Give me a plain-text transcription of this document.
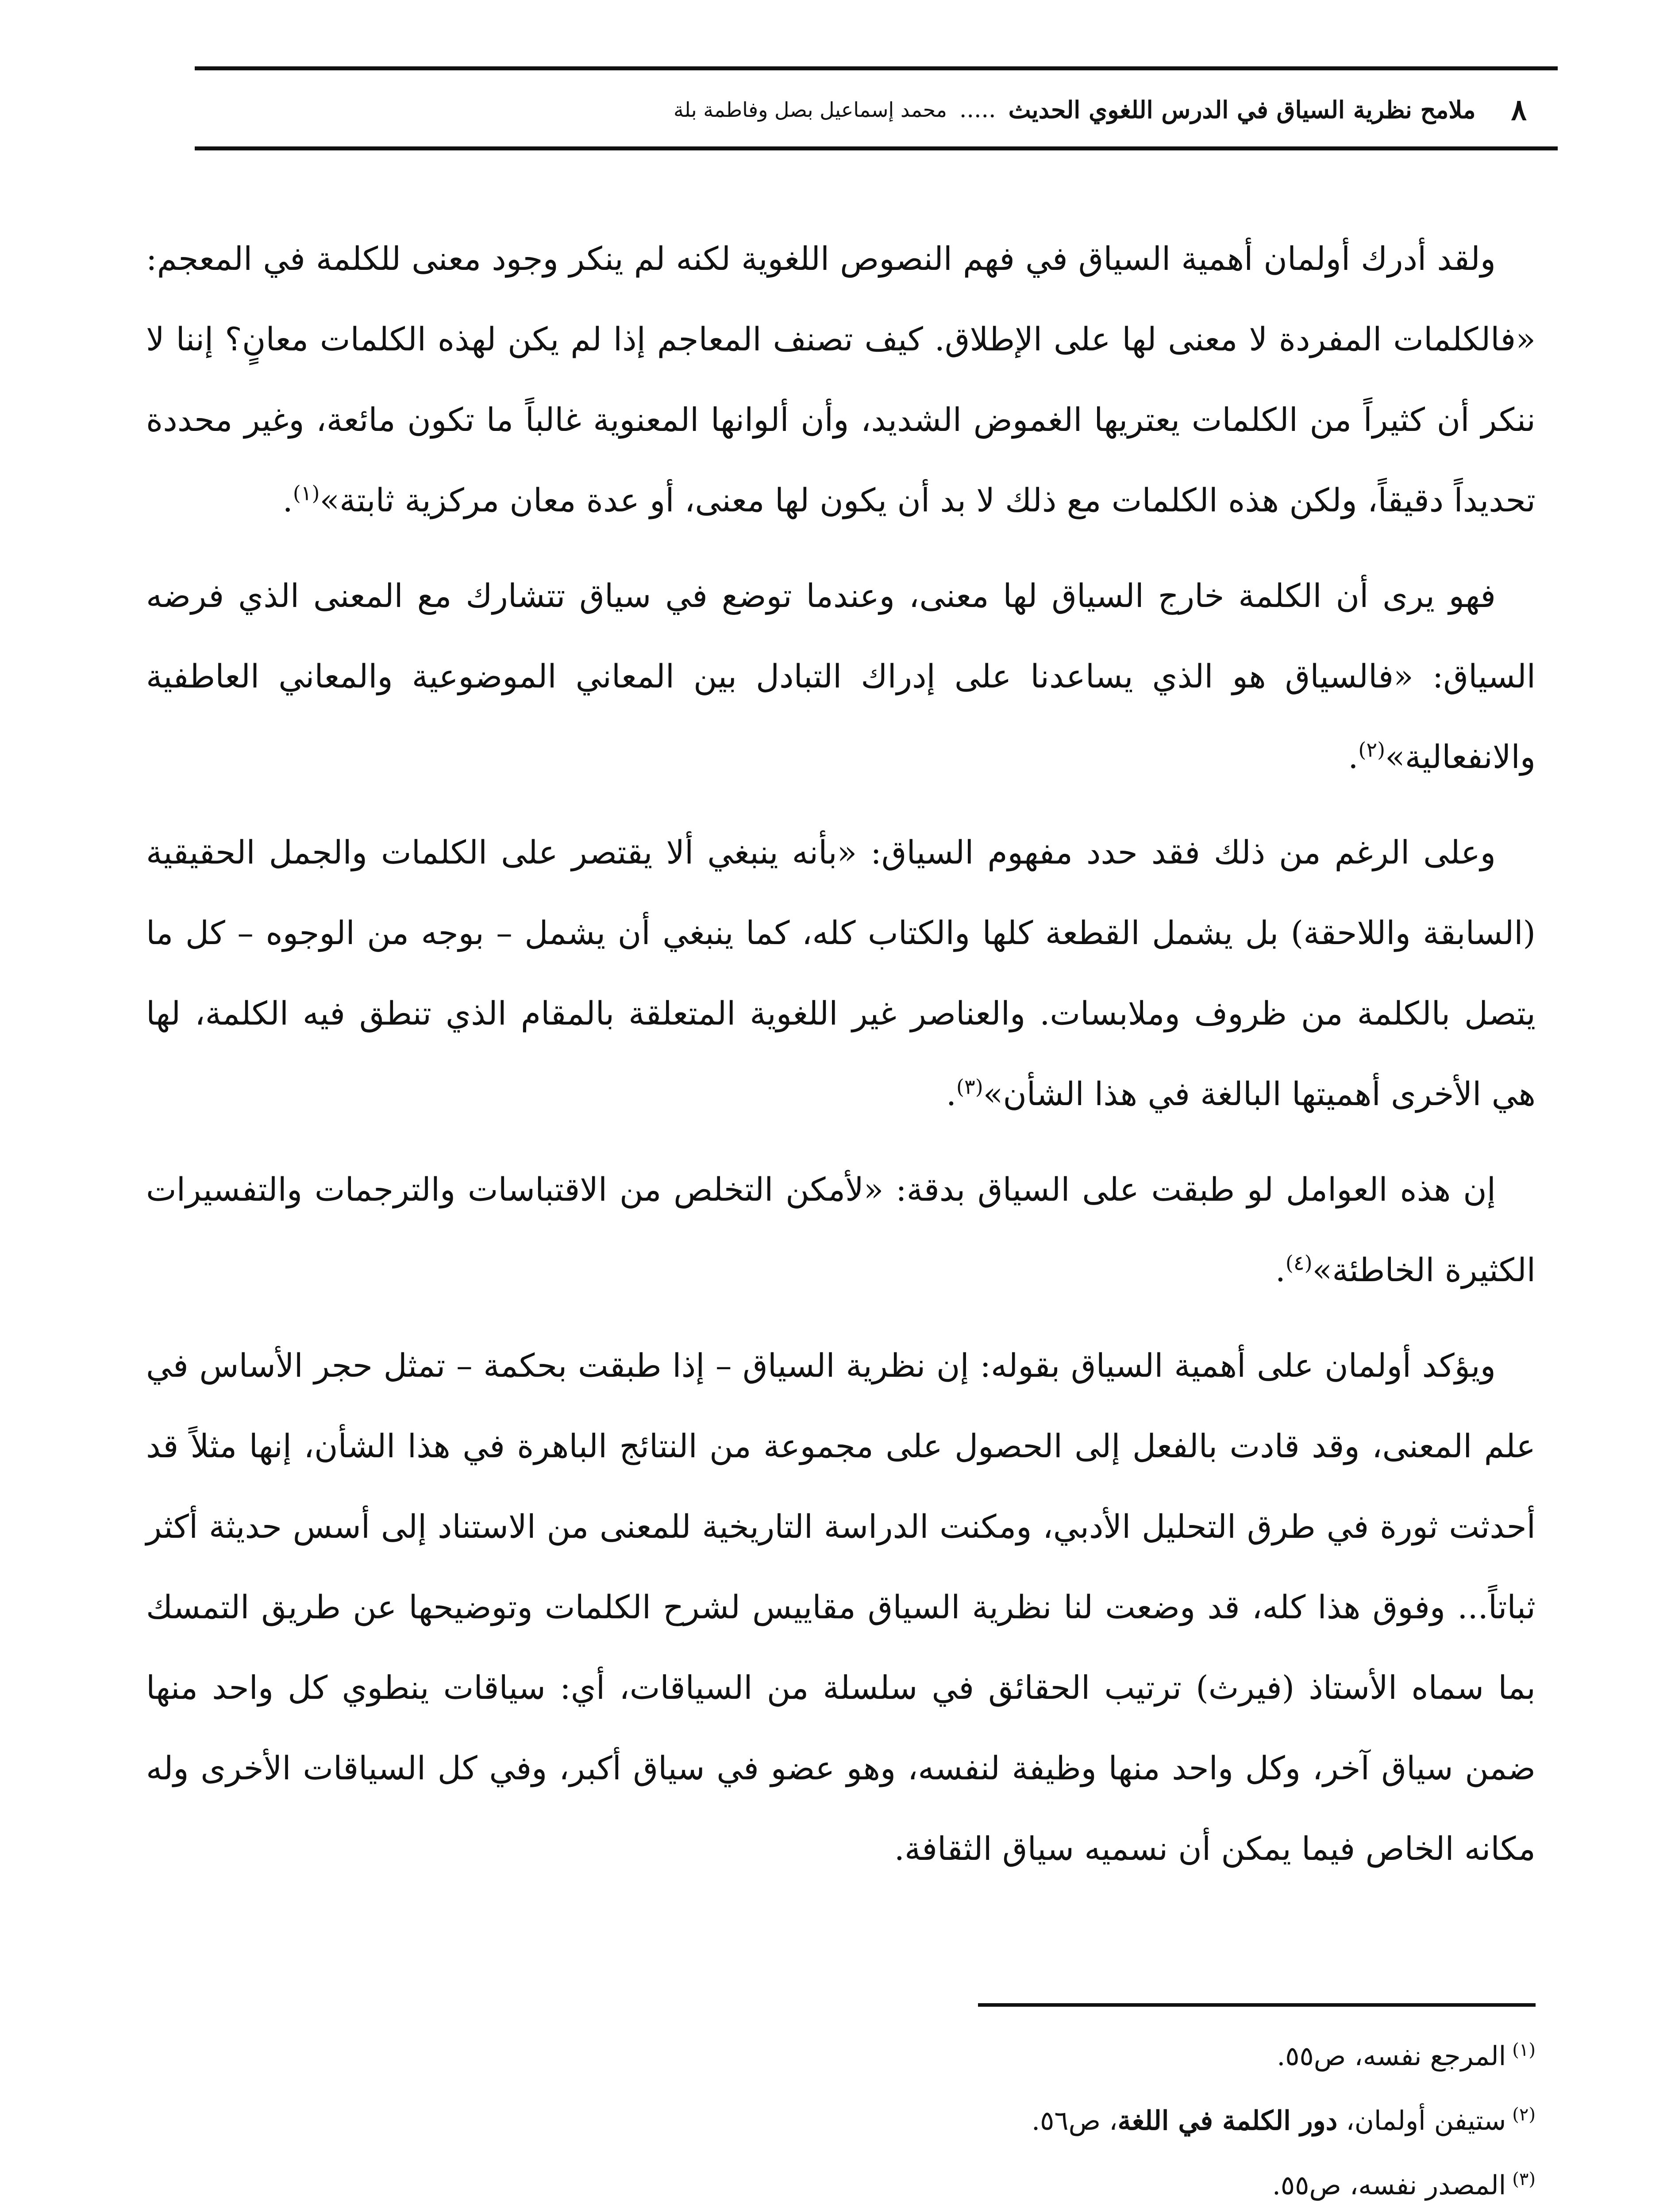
٨
ملامح نظرية السياق في الدرس اللغوي الحديث
.....
محمد إسماعيل بصل وفاطمة بلة

ولقد أدرك أولمان أهمية السياق في فهم النصوص اللغوية لكنه لم ينكر وجود معنى للكلمة في المعجم: «فالكلمات المفردة لا معنى لها على الإطلاق. كيف تصنف المعاجم إذا لم يكن لهذه الكلمات معانٍ؟ إننا لا ننكر أن كثيراً من الكلمات يعتريها الغموض الشديد، وأن ألوانها المعنوية غالباً ما تكون مائعة، وغير محددة تحديداً دقيقاً، ولكن هذه الكلمات مع ذلك لا بد أن يكون لها معنى، أو عدة معان مركزية ثابتة»$^{(١)}$.

فهو يرى أن الكلمة خارج السياق لها معنى، وعندما توضع في سياق تتشارك مع المعنى الذي فرضه السياق: «فالسياق هو الذي يساعدنا على إدراك التبادل بين المعاني الموضوعية والمعاني العاطفية والانفعالية»$^{(٢)}$.

وعلى الرغم من ذلك فقد حدد مفهوم السياق: «بأنه ينبغي ألا يقتصر على الكلمات والجمل الحقيقية (السابقة واللاحقة) بل يشمل القطعة كلها والكتاب كله، كما ينبغي أن يشمل – بوجه من الوجوه – كل ما يتصل بالكلمة من ظروف وملابسات. والعناصر غير اللغوية المتعلقة بالمقام الذي تنطق فيه الكلمة، لها هي الأخرى أهميتها البالغة في هذا الشأن»$^{(٣)}$.

إن هذه العوامل لو طبقت على السياق بدقة: «لأمكن التخلص من الاقتباسات والترجمات والتفسيرات الكثيرة الخاطئة»$^{(٤)}$.

ويؤكد أولمان على أهمية السياق بقوله: إن نظرية السياق – إذا طبقت بحكمة – تمثل حجر الأساس في علم المعنى، وقد قادت بالفعل إلى الحصول على مجموعة من النتائج الباهرة في هذا الشأن، إنها مثلاً قد أحدثت ثورة في طرق التحليل الأدبي، ومكنت الدراسة التاريخية للمعنى من الاستناد إلى أسس حديثة أكثر ثباتاً... وفوق هذا كله، قد وضعت لنا نظرية السياق مقاييس لشرح الكلمات وتوضيحها عن طريق التمسك بما سماه الأستاذ (فيرث) ترتيب الحقائق في سلسلة من السياقات، أي: سياقات ينطوي كل واحد منها ضمن سياق آخر، وكل واحد منها وظيفة لنفسه، وهو عضو في سياق أكبر، وفي كل السياقات الأخرى وله مكانه الخاص فيما يمكن أن نسميه سياق الثقافة.

$^{(١)}$المرجع نفسه، ص٥٥.
$^{(٢)}$ستيفن أولمان، دور الكلمة في اللغة، ص٥٦.
$^{(٣)}$المصدر نفسه، ص٥٥.
